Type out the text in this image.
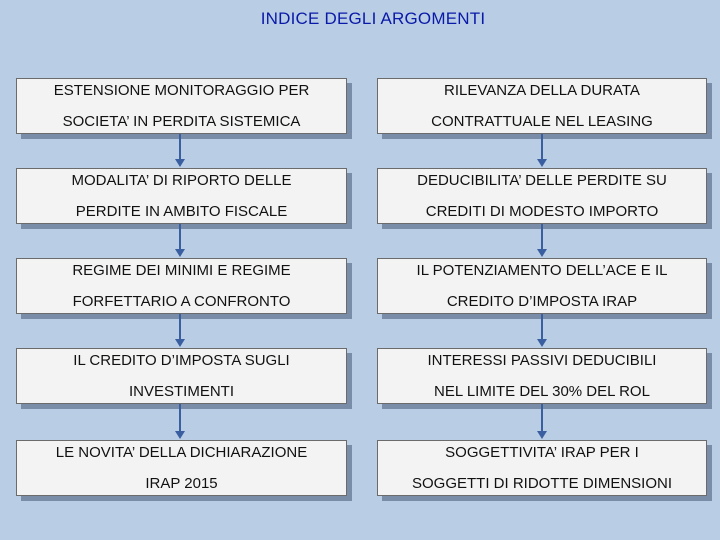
INDICE DEGLI ARGOMENTI
ESTENSIONE MONITORAGGIO PER
SOCIETA’ IN PERDITA SISTEMICA
MODALITA’ DI RIPORTO DELLE
PERDITE IN AMBITO FISCALE
REGIME DEI MINIMI E REGIME
FORFETTARIO A CONFRONTO
IL CREDITO D’IMPOSTA SUGLI
INVESTIMENTI
LE NOVITA’ DELLA DICHIARAZIONE
IRAP 2015
RILEVANZA DELLA DURATA
CONTRATTUALE NEL LEASING
DEDUCIBILITA’ DELLE PERDITE SU
CREDITI DI MODESTO IMPORTO
IL POTENZIAMENTO DELL’ACE E IL
CREDITO D’IMPOSTA IRAP
INTERESSI PASSIVI DEDUCIBILI
NEL LIMITE DEL 30% DEL ROL
SOGGETTIVITA’ IRAP PER I
SOGGETTI DI RIDOTTE DIMENSIONI
